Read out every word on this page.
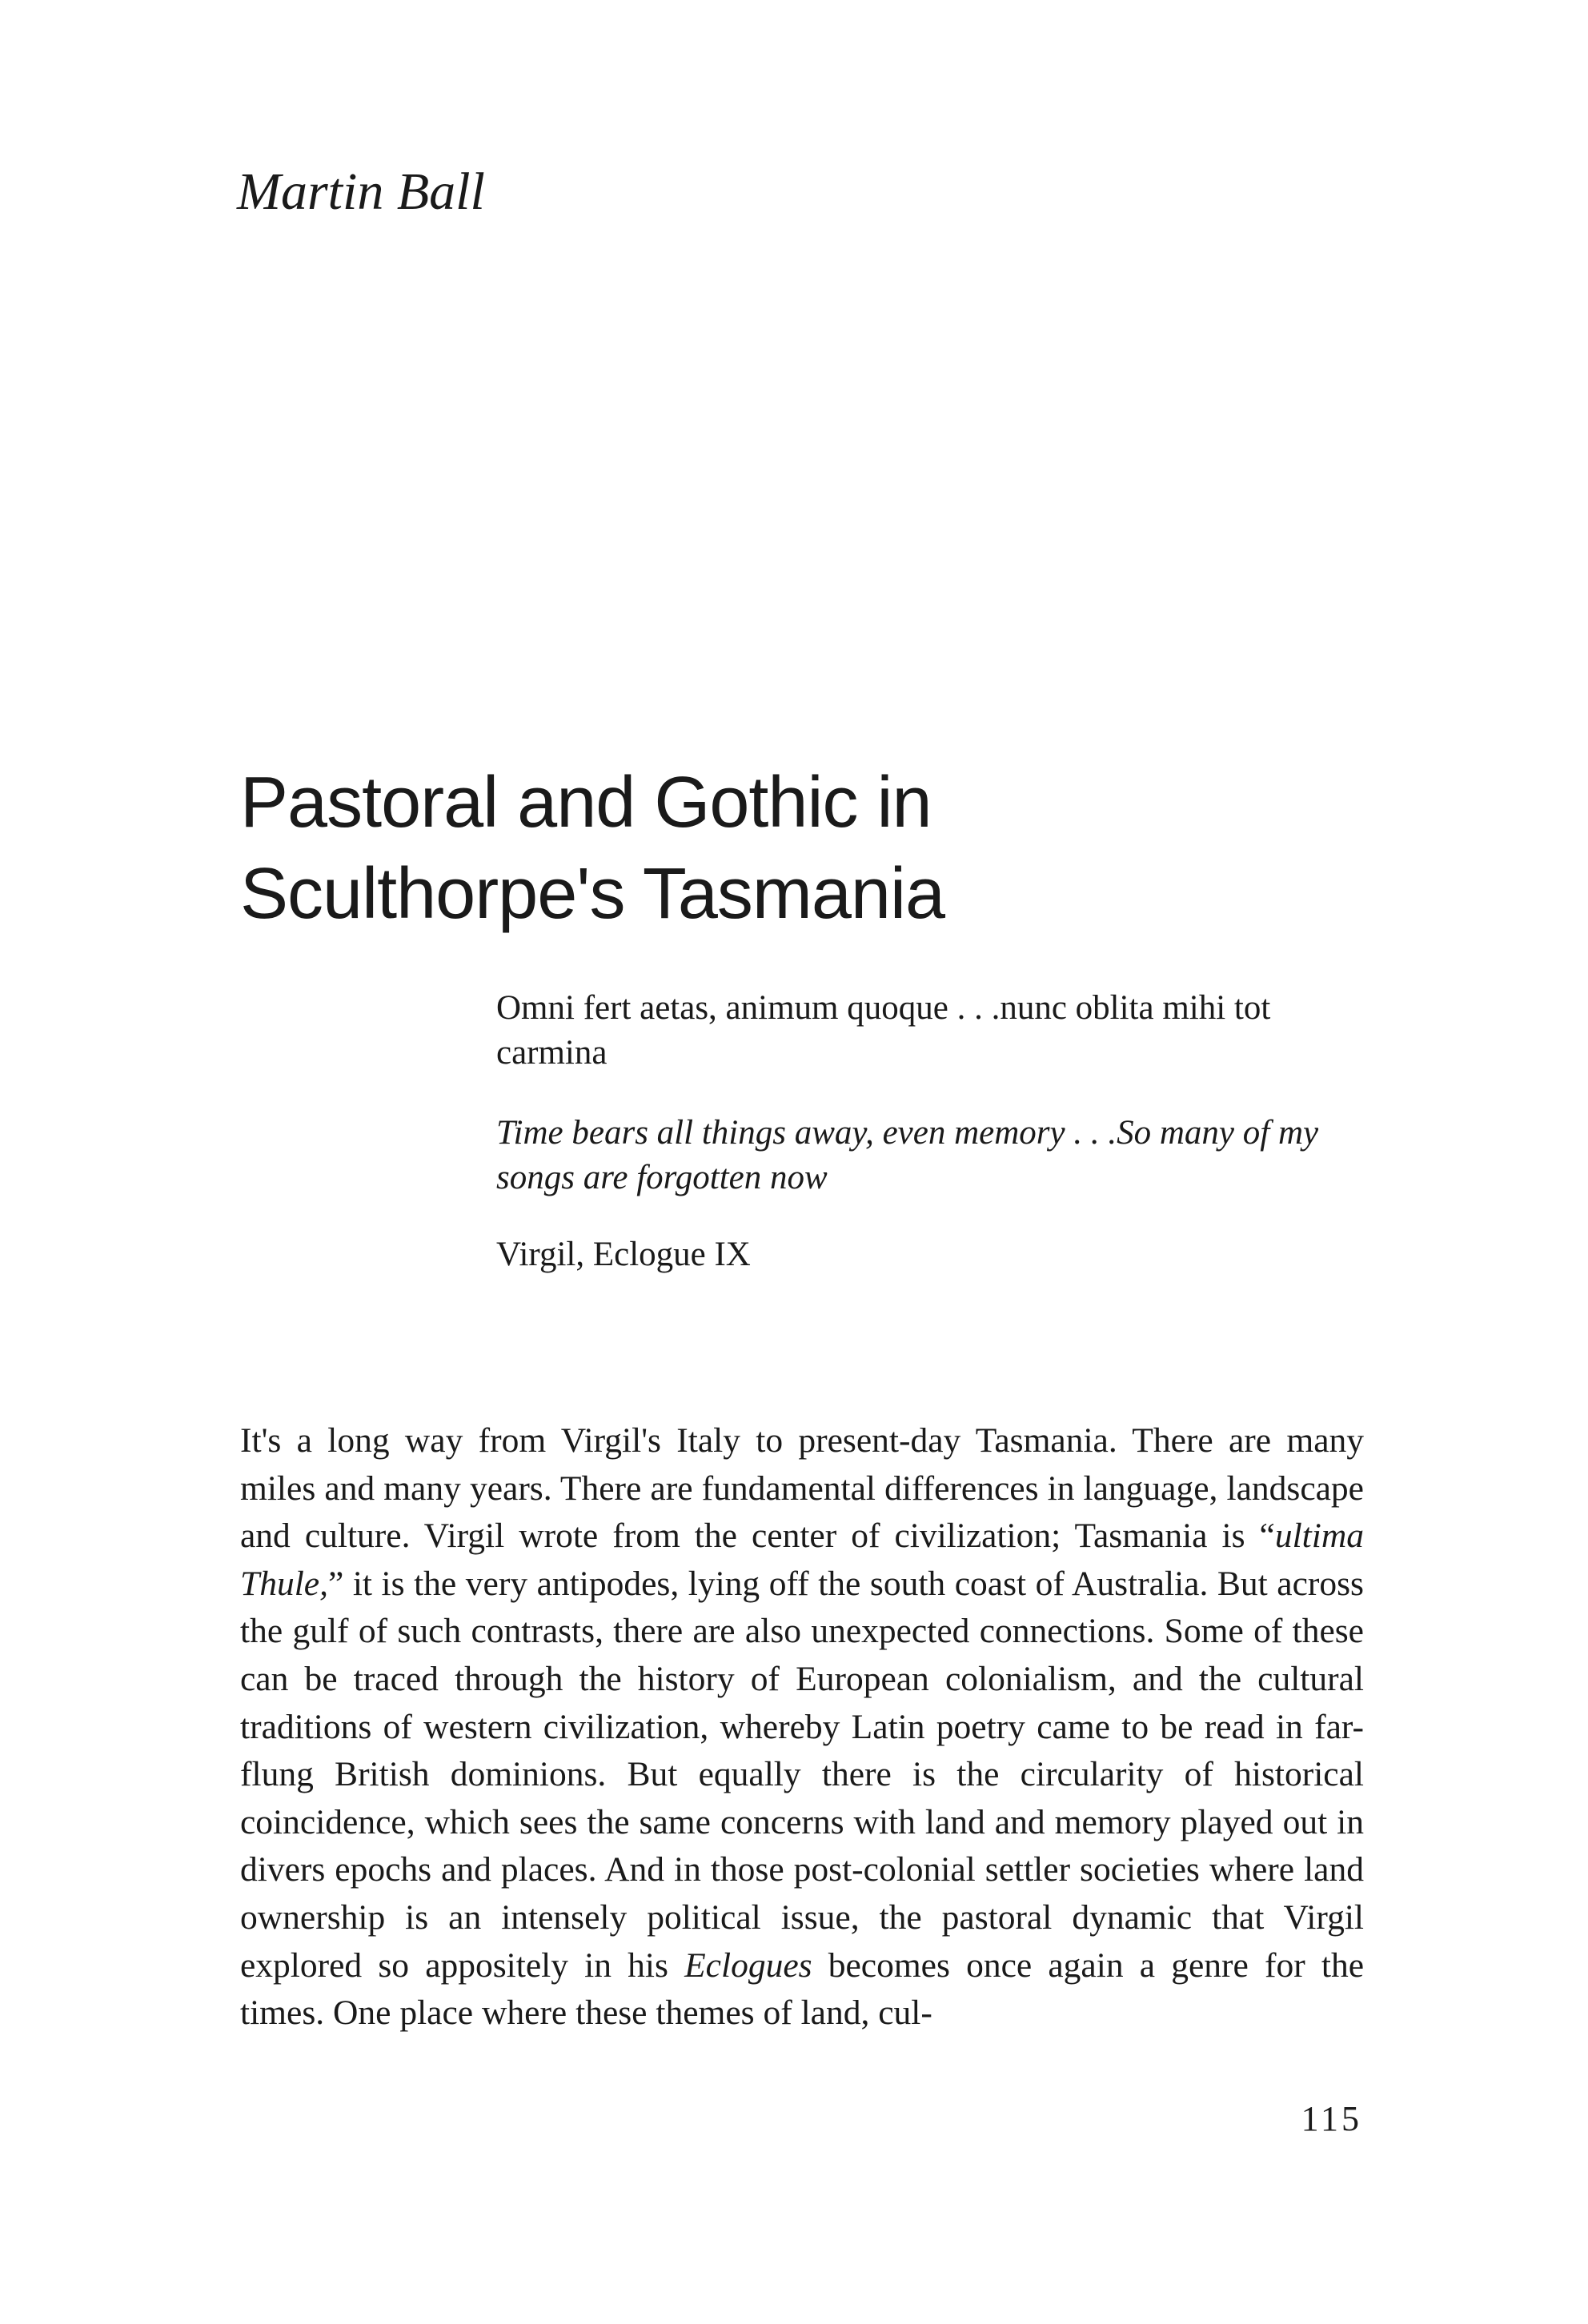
Martin Ball
Pastoral and Gothic in
Sculthorpe's Tasmania

Omni fert aetas, animum quoque . . .nunc oblita mihi tot carmina

Time bears all things away, even memory . . .So many of my songs are forgotten now

Virgil, Eclogue IX

It's a long way from Virgil's Italy to present-day Tasmania. There are many miles and many years. There are fundamental differences in language, landscape and culture. Virgil wrote from the center of civilization; Tasmania is “ultima Thule,” it is the very antipodes, lying off the south coast of Australia. But across the gulf of such contrasts, there are also unexpected connections. Some of these can be traced through the history of European colonialism, and the cultural traditions of western civilization, whereby Latin poetry came to be read in far-flung British dominions. But equally there is the circularity of historical coincidence, which sees the same concerns with land and memory played out in divers epochs and places. And in those post-colonial settler societies where land ownership is an intensely political issue, the pastoral dynamic that Virgil explored so appositely in his Eclogues becomes once again a genre for the times. One place where these themes of land, cul-

115
